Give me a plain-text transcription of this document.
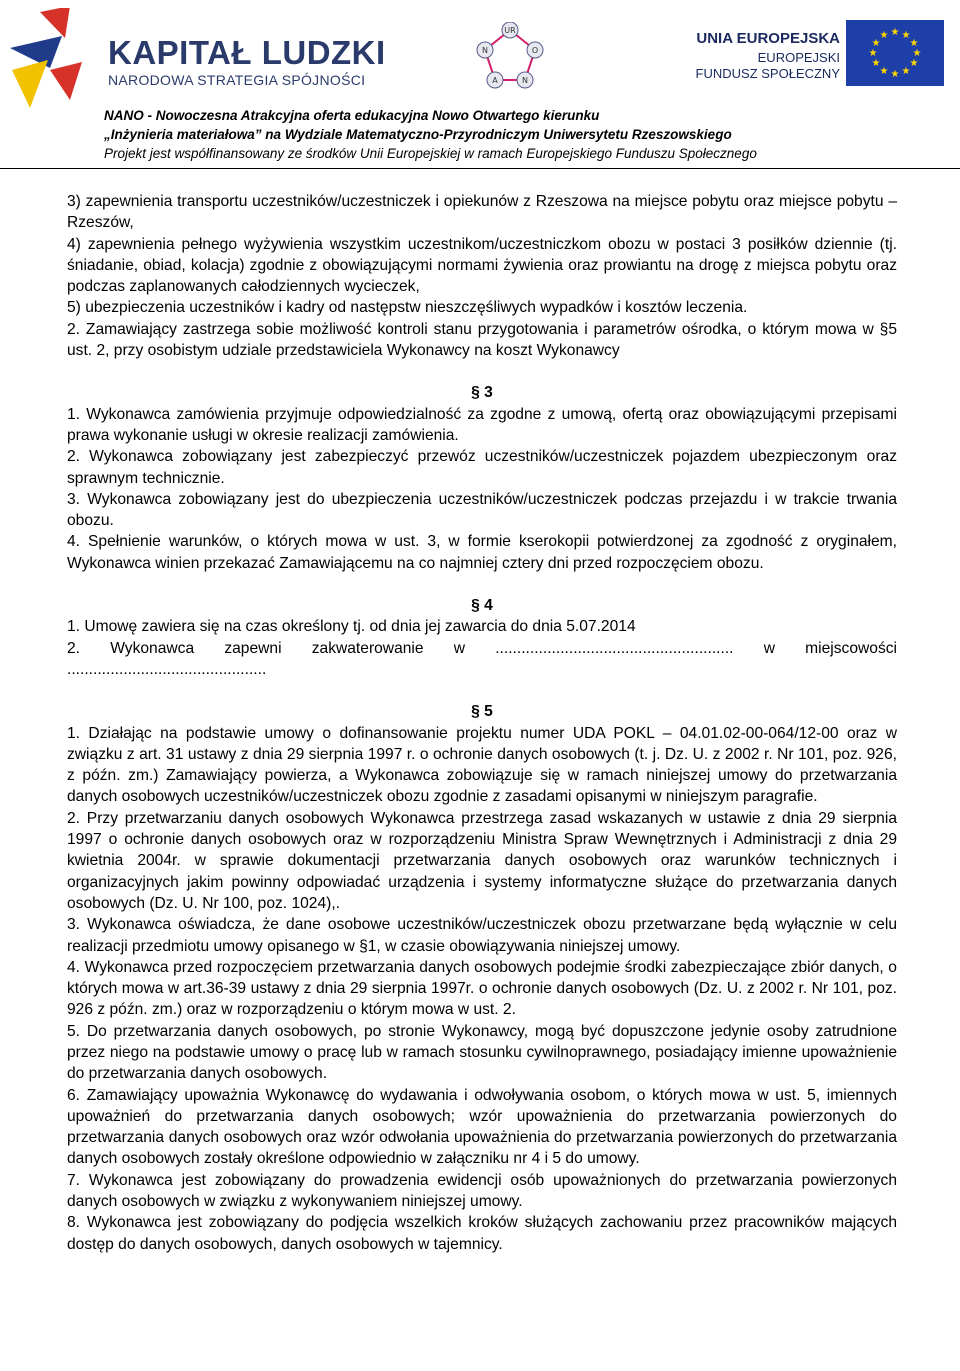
KAPITAŁ LUDZKI
NARODOWA STRATEGIA SPÓJNOŚCI
UR
N	O
A	N
UNIA EUROPEJSKA
EUROPEJSKI
FUNDUSZ SPOŁECZNY
★ ★
★
★
★
★
★
★
★
★
★
★
NANO - Nowoczesna Atrakcyjna oferta edukacyjna Nowo Otwartego kierunku
„Inżynieria materiałowa” na Wydziale Matematyczno-Przyrodniczym Uniwersytetu Rzeszowskiego
Projekt jest współfinansowany ze środków Unii Europejskiej w ramach Europejskiego Funduszu Społecznego

3) zapewnienia transportu uczestników/uczestniczek i opiekunów z Rzeszowa na miejsce pobytu oraz miejsce pobytu – Rzeszów,

4) zapewnienia pełnego wyżywienia wszystkim uczestnikom/uczestniczkom obozu w postaci 3 posiłków dziennie (tj. śniadanie, obiad, kolacja) zgodnie z obowiązującymi normami żywienia oraz prowiantu na drogę z miejsca pobytu oraz podczas zaplanowanych całodziennych wycieczek,

5) ubezpieczenia uczestników i kadry od następstw nieszczęśliwych wypadków i kosztów leczenia.

2. Zamawiający zastrzega sobie możliwość kontroli stanu przygotowania i parametrów ośrodka, o którym mowa w §5 ust. 2, przy osobistym udziale przedstawiciela Wykonawcy na koszt Wykonawcy

§ 3

1. Wykonawca zamówienia przyjmuje odpowiedzialność za zgodne z umową, ofertą oraz obowiązującymi przepisami prawa wykonanie usługi w okresie realizacji zamówienia.

2. Wykonawca zobowiązany jest zabezpieczyć przewóz uczestników/uczestniczek pojazdem ubezpieczonym oraz sprawnym technicznie.

3. Wykonawca zobowiązany jest do ubezpieczenia uczestników/uczestniczek podczas przejazdu i w trakcie trwania obozu.

4. Spełnienie warunków, o których mowa w ust. 3, w formie kserokopii potwierdzonej za zgodność z oryginałem, Wykonawca winien przekazać Zamawiającemu na co najmniej cztery dni przed rozpoczęciem obozu.

§ 4

1. Umowę zawiera się na czas określony tj. od dnia jej zawarcia do dnia 5.07.2014

2. Wykonawca zapewni zakwaterowanie w ....................................................... w miejscowości ..............................................

§ 5

1. Działając na podstawie umowy o dofinansowanie projektu numer UDA POKL – 04.01.02-00-064/12-00 oraz w związku z art. 31 ustawy z dnia 29 sierpnia 1997 r. o ochronie danych osobowych (t. j. Dz. U. z 2002 r. Nr 101, poz. 926, z późn. zm.) Zamawiający powierza, a Wykonawca zobowiązuje się w ramach niniejszej umowy do przetwarzania danych osobowych uczestników/uczestniczek obozu zgodnie z zasadami opisanymi w niniejszym paragrafie.

2. Przy przetwarzaniu danych osobowych Wykonawca przestrzega zasad wskazanych w ustawie z dnia 29 sierpnia 1997 o ochronie danych osobowych oraz w rozporządzeniu Ministra Spraw Wewnętrznych i Administracji z dnia 29 kwietnia 2004r. w sprawie dokumentacji przetwarzania danych osobowych oraz warunków technicznych i organizacyjnych jakim powinny odpowiadać urządzenia i systemy informatyczne służące do przetwarzania danych osobowych (Dz. U. Nr 100, poz. 1024),.

3. Wykonawca oświadcza, że dane osobowe uczestników/uczestniczek obozu przetwarzane będą wyłącznie w celu realizacji przedmiotu umowy opisanego w §1, w czasie obowiązywania niniejszej umowy.

4. Wykonawca przed rozpoczęciem przetwarzania danych osobowych podejmie środki zabezpieczające zbiór danych, o których mowa w art.36-39 ustawy z dnia 29 sierpnia 1997r. o ochronie danych osobowych (Dz. U. z 2002 r. Nr 101, poz. 926 z późn. zm.) oraz w rozporządzeniu o którym mowa w ust. 2.

5. Do przetwarzania danych osobowych, po stronie Wykonawcy, mogą być dopuszczone jedynie osoby zatrudnione przez niego na podstawie umowy o pracę lub w ramach stosunku cywilnoprawnego, posiadający imienne upoważnienie do przetwarzania danych osobowych.

6. Zamawiający upoważnia Wykonawcę do wydawania i odwoływania osobom, o których mowa w ust. 5, imiennych upoważnień do przetwarzania danych osobowych; wzór upoważnienia do przetwarzania powierzonych do przetwarzania danych osobowych oraz wzór odwołania upoważnienia do przetwarzania powierzonych do przetwarzania danych osobowych zostały określone odpowiednio w załączniku nr 4 i 5 do umowy.

7. Wykonawca jest zobowiązany do prowadzenia ewidencji osób upoważnionych do przetwarzania powierzonych danych osobowych w związku z wykonywaniem niniejszej umowy.

8. Wykonawca jest zobowiązany do podjęcia wszelkich kroków służących zachowaniu przez pracowników mających dostęp do danych osobowych, danych osobowych w tajemnicy.
